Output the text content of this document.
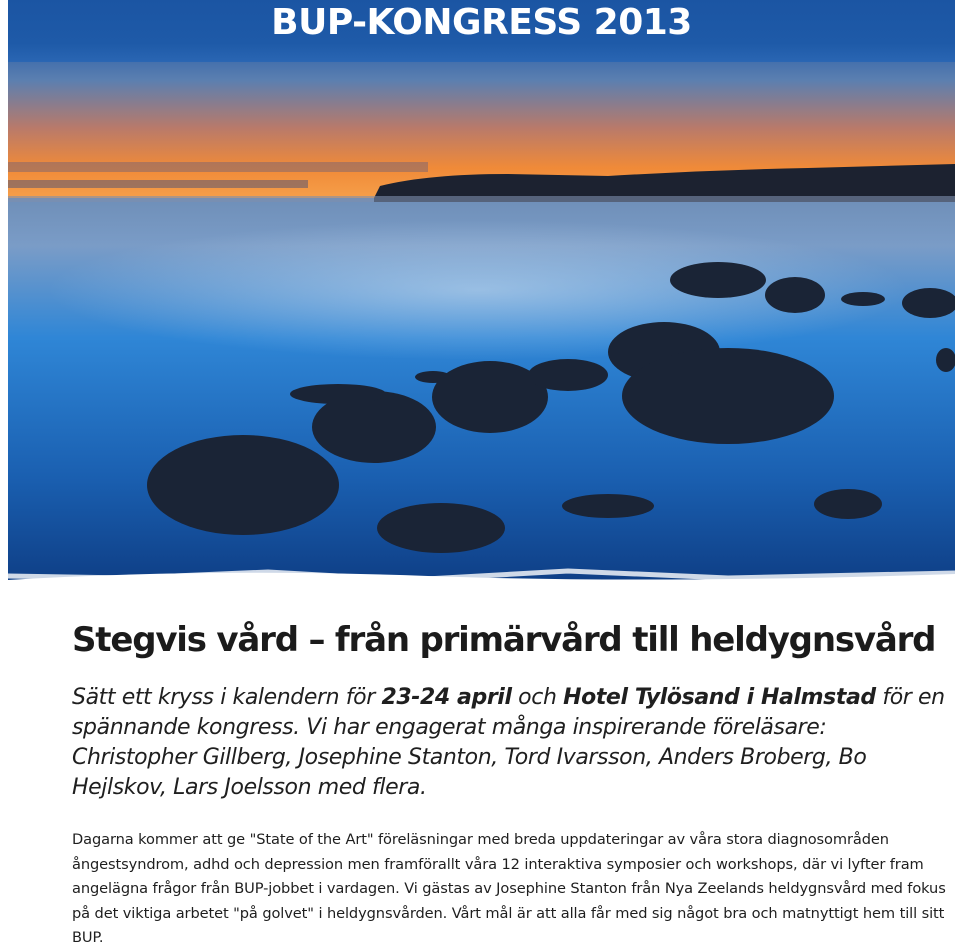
BUP-KONGRESS 2013
Stegvis vård – från primärvård till heldygnsvård

Sätt ett kryss i kalendern för 23-24 april och Hotel Tylösand i Halmstad för en spännande kongress. Vi har engagerat många inspirerande föreläsare: Christopher Gillberg, Josephine Stanton, Tord Ivarsson, Anders Broberg, Bo Hejlskov, Lars Joelsson med flera.

Dagarna kommer att ge "State of the Art" föreläsningar med breda uppdateringar av våra stora diagnosområden ångestsyndrom, adhd och depression men framförallt våra 12 interaktiva symposier och workshops, där vi lyfter fram angelägna frågor från BUP-jobbet i vardagen. Vi gästas av Josephine Stanton från Nya Zeelands heldygnsvård med fokus på det viktiga arbetet "på golvet" i heldygnsvården. Vårt mål är att alla får med sig något bra och matnyttigt hem till sitt BUP.
